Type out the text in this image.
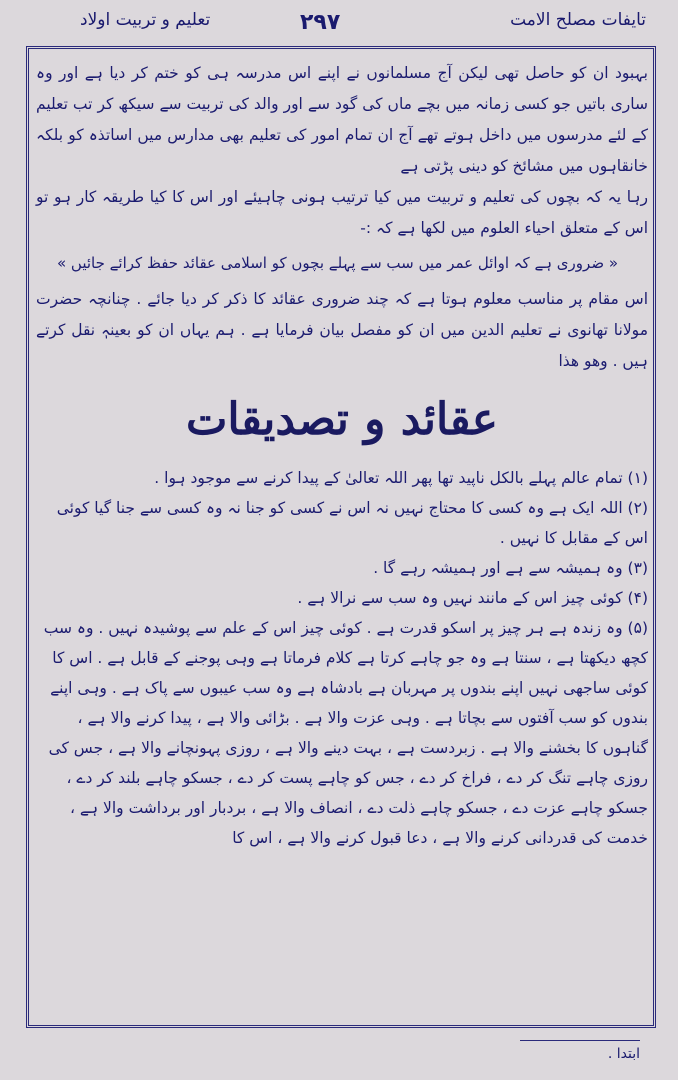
تعلیم و تربیت اولاد	۲۹۷	تایفات مصلح الامت

بہبود ان کو حاصل تھی لیکن آج مسلمانوں نے اپنے اس مدرسہ ہی کو ختم کر دیا ہے اور وہ ساری باتیں جو کسی زمانہ میں بچے ماں کی گود سے اور والد کی تربیت سے سیکھ کر تب تعلیم کے لئے مدرسوں میں داخل ہوتے تھے آج ان تمام امور کی تعلیم بھی مدارس میں اساتذہ کو بلکہ خانقاہوں میں مشائخ کو دینی پڑتی ہے

رہا یہ کہ بچوں کی تعلیم و تربیت میں کیا ترتیب ہونی چاہیئے اور اس کا کیا طریقہ کار ہو تو اس کے متعلق احیاء العلوم میں لکھا ہے کہ :-

« ضروری ہے کہ اوائل عمر میں سب سے پہلے بچوں کو اسلامی عقائد حفظ کرائے جائیں »

اس مقام پر مناسب معلوم ہوتا ہے کہ چند ضروری عقائد کا ذکر کر دیا جائے . چنانچہ حضرت مولانا تھانوی نے تعلیم الدین میں ان کو مفصل بیان فرمایا ہے . ہم یہاں ان کو بعینہٖ نقل کرتے ہیں . وھو ھذا

عقائد و تصدیقات

(۱) تمام عالم پہلے بالکل ناپید تھا پھر اللہ تعالیٰ کے پیدا کرنے سے موجود ہوا .

(۲) اللہ ایک ہے وہ کسی کا محتاج نہیں نہ اس نے کسی کو جنا نہ وہ کسی سے جنا گیا کوئی اس کے مقابل کا نہیں .

(۳) وہ ہمیشہ سے ہے اور ہمیشہ رہے گا .

(۴) کوئی چیز اس کے مانند نہیں وہ سب سے نرالا ہے .

(۵) وہ زندہ ہے ہر چیز پر اسکو قدرت ہے . کوئی چیز اس کے علم سے پوشیدہ نہیں . وہ سب کچھ دیکھتا ہے ، سنتا ہے وہ جو چاہے کرتا ہے کلام فرماتا ہے وہی پوجنے کے قابل ہے . اس کا کوئی ساجھی نہیں اپنے بندوں پر مہربان ہے بادشاہ ہے وہ سب عیبوں سے پاک ہے . وہی اپنے بندوں کو سب آفتوں سے بچاتا ہے . وہی عزت والا ہے . بڑائی والا ہے ، پیدا کرنے والا ہے ، گناہوں کا بخشنے والا ہے . زبردست ہے ، بہت دینے والا ہے ، روزی پہونچانے والا ہے ، جس کی روزی چاہے تنگ کر دے ، فراخ کر دے ، جس کو چاہے پست کر دے ، جسکو چاہے بلند کر دے ، جسکو چاہے عزت دے ، جسکو چاہے ذلت دے ، انصاف والا ہے ، بردبار اور برداشت والا ہے ، خدمت کی قدردانی کرنے والا ہے ، دعا قبول کرنے والا ہے ، اس کا

ابتدا .
